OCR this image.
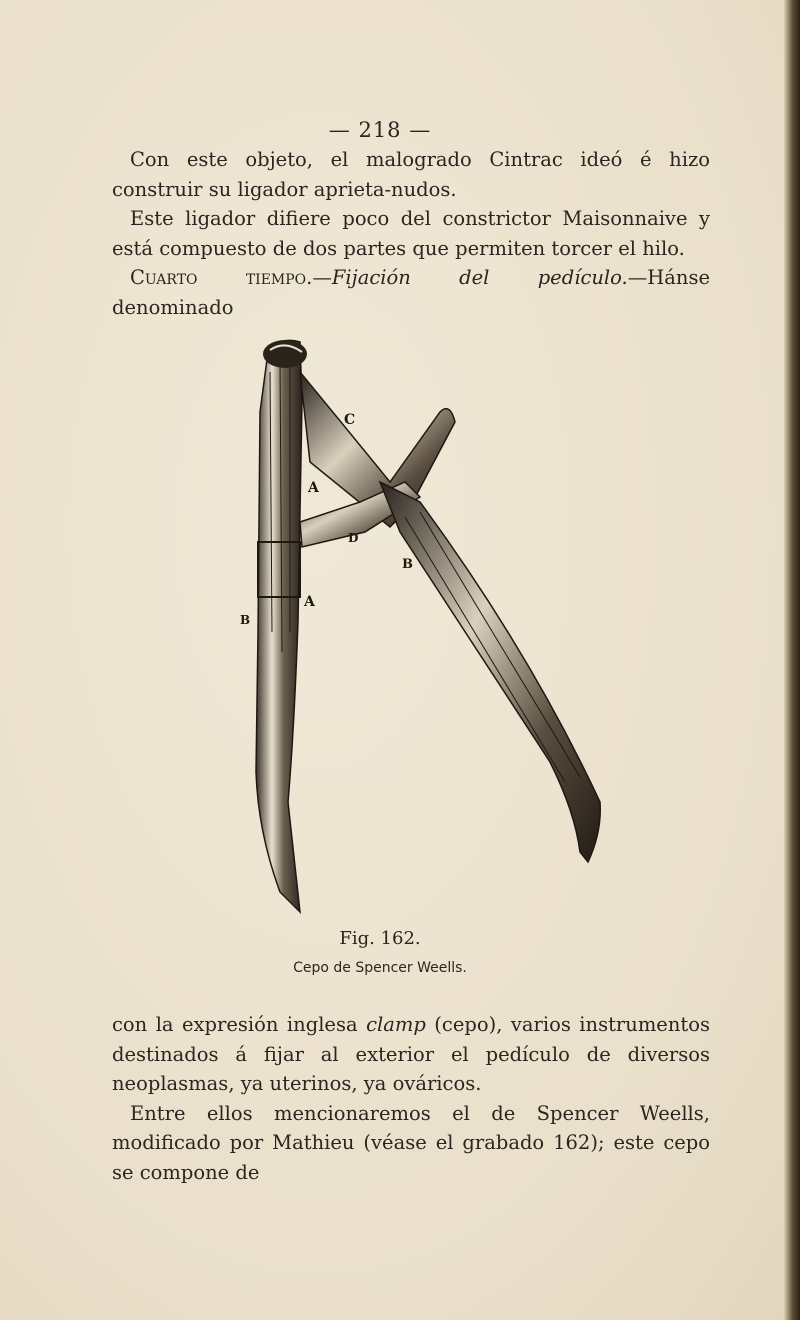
— 218 —

Con este objeto, el malogrado Cintrac ideó é hizo construir su ligador aprieta-nudos.

Este ligador difiere poco del constrictor Maisonnaive y está compuesto de dos partes que permiten torcer el hilo.

Cuarto tiempo.—Fijación del pedículo.—Hánse denominado

C
A
D
B
A
B
Fig. 162.
Cepo de Spencer Weells.

con la expresión inglesa clamp (cepo), varios instrumentos destinados á fijar al exterior el pedículo de diversos neoplasmas, ya uterinos, ya ováricos.

Entre ellos mencionaremos el de Spencer Weells, modificado por Mathieu (véase el grabado 162); este cepo se compone de
